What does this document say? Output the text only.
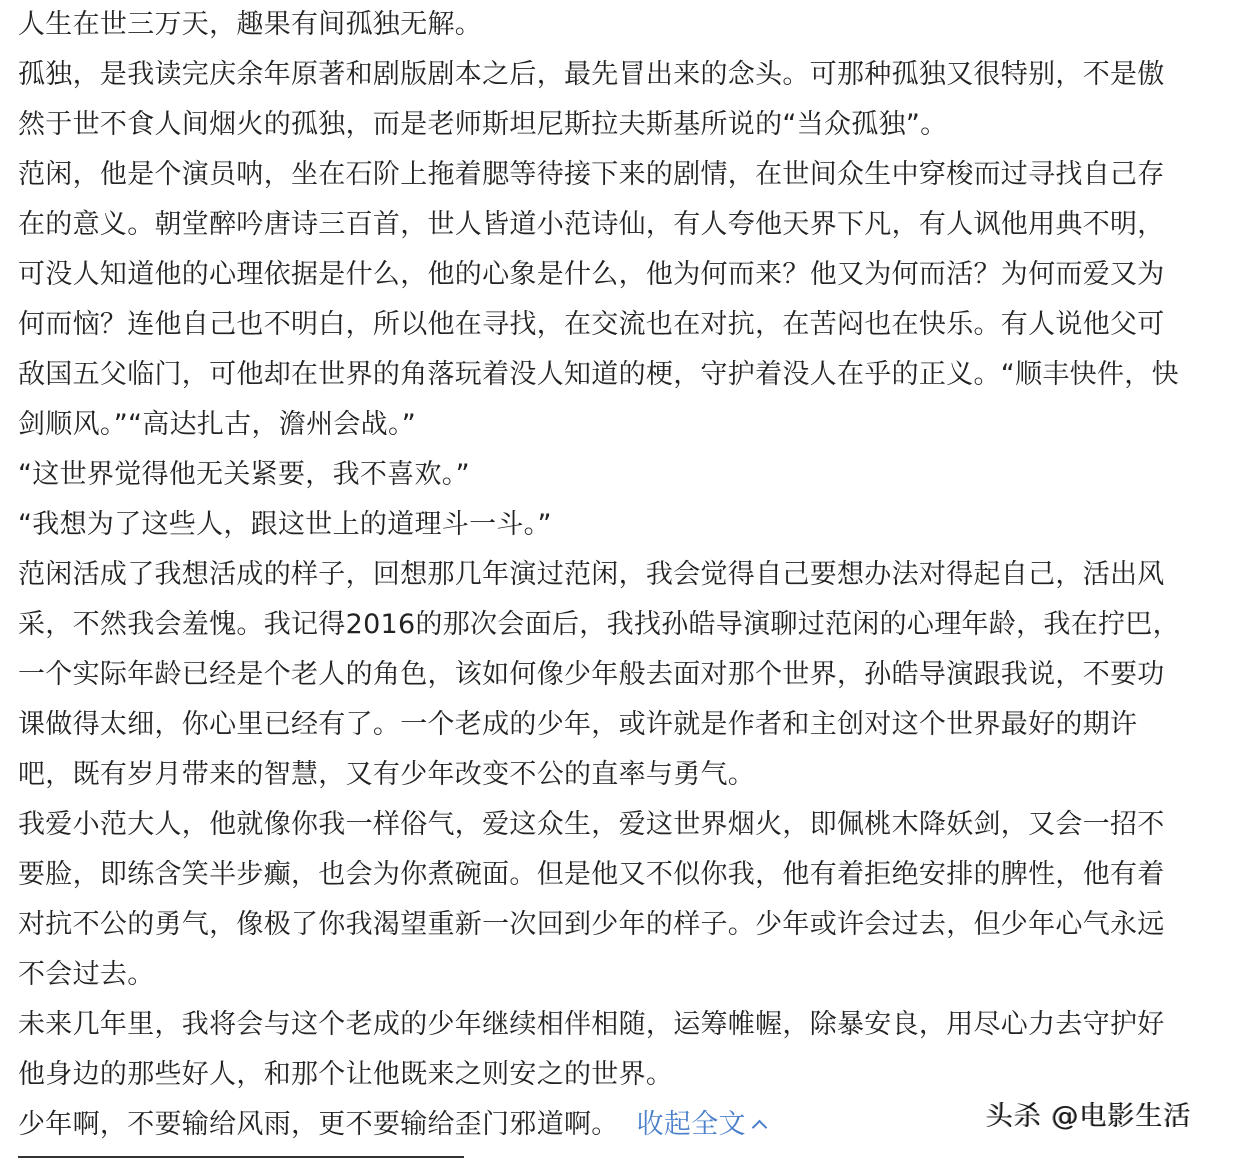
人生在世三万天，趣果有间孤独无解。
孤独，是我读完庆余年原著和剧版剧本之后，最先冒出来的念头。可那种孤独又很特别，不是傲
然于世不食人间烟火的孤独，而是老师斯坦尼斯拉夫斯基所说的“当众孤独”。
范闲，他是个演员呐，坐在石阶上拖着腮等待接下来的剧情，在世间众生中穿梭而过寻找自己存
在的意义。朝堂醉吟唐诗三百首，世人皆道小范诗仙，有人夸他天界下凡，有人讽他用典不明，
可没人知道他的心理依据是什么，他的心象是什么，他为何而来？他又为何而活？为何而爱又为
何而恼？连他自己也不明白，所以他在寻找，在交流也在对抗，在苦闷也在快乐。有人说他父可
敌国五父临门，可他却在世界的角落玩着没人知道的梗，守护着没人在乎的正义。“顺丰快件，快
剑顺风。”“高达扎古，澹州会战。”
“这世界觉得他无关紧要，我不喜欢。”
“我想为了这些人，跟这世上的道理斗一斗。”
范闲活成了我想活成的样子，回想那几年演过范闲，我会觉得自己要想办法对得起自己，活出风
采，不然我会羞愧。我记得2016的那次会面后，我找孙皓导演聊过范闲的心理年龄，我在拧巴，
一个实际年龄已经是个老人的角色，该如何像少年般去面对那个世界，孙皓导演跟我说，不要功
课做得太细，你心里已经有了。一个老成的少年，或许就是作者和主创对这个世界最好的期许
吧，既有岁月带来的智慧，又有少年改变不公的直率与勇气。
我爱小范大人，他就像你我一样俗气，爱这众生，爱这世界烟火，即佩桃木降妖剑，又会一招不
要脸，即练含笑半步癫，也会为你煮碗面。但是他又不似你我，他有着拒绝安排的脾性，他有着
对抗不公的勇气，像极了你我渴望重新一次回到少年的样子。少年或许会过去，但少年心气永远
不会过去。
未来几年里，我将会与这个老成的少年继续相伴相随，运筹帷幄，除暴安良，用尽心力去守护好
他身边的那些好人，和那个让他既来之则安之的世界。
少年啊，不要输给风雨，更不要输给歪门邪道啊。 收起全文	头杀 @电影生活
